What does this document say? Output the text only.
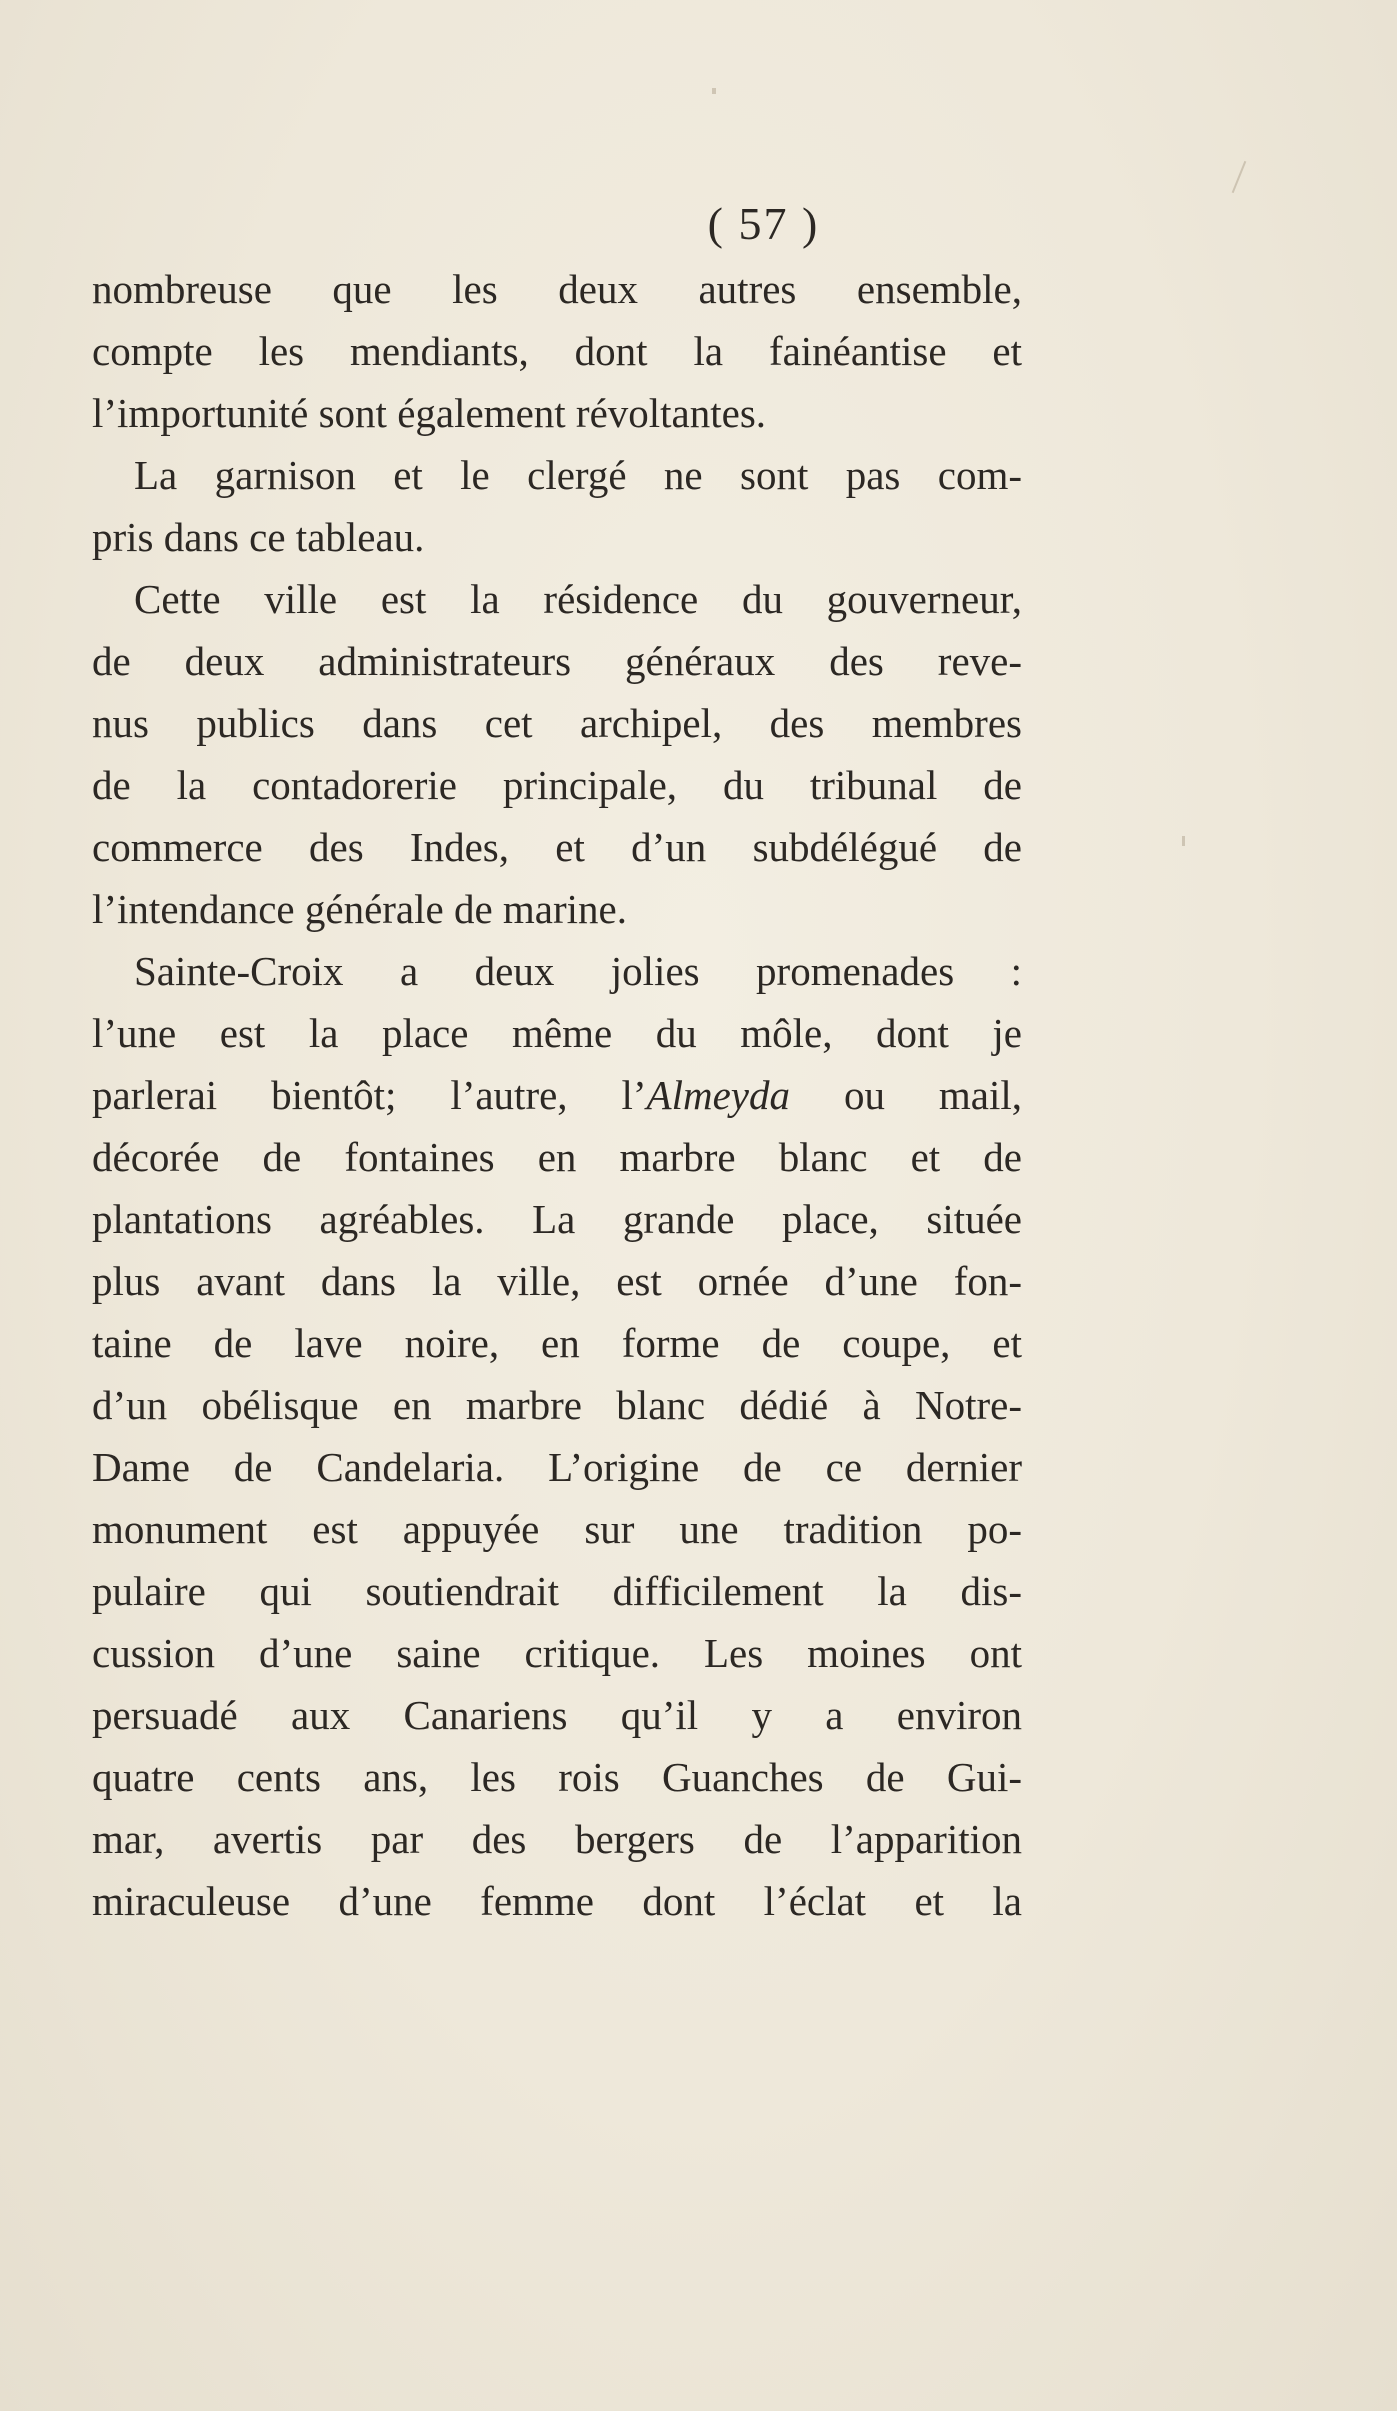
( 57 )
nombreuse que les deux autres ensemble,
compte les mendiants, dont la fainéantise et
l’importunité sont également révoltantes.
La garnison et le clergé ne sont pas com-
pris dans ce tableau.
Cette ville est la résidence du gouverneur,
de deux administrateurs généraux des reve-
nus publics dans cet archipel, des membres
de la contadorerie principale, du tribunal de
commerce des Indes, et d’un subdélégué de
l’intendance générale de marine.
Sainte-Croix a deux jolies promenades :
l’une est la place même du môle, dont je
parlerai bientôt; l’autre, l’Almeyda ou mail,
décorée de fontaines en marbre blanc et de
plantations agréables. La grande place, située
plus avant dans la ville, est ornée d’une fon-
taine de lave noire, en forme de coupe, et
d’un obélisque en marbre blanc dédié à Notre-
Dame de Candelaria. L’origine de ce dernier
monument est appuyée sur une tradition po-
pulaire qui soutiendrait difficilement la dis-
cussion d’une saine critique. Les moines ont
persuadé aux Canariens qu’il y a environ
quatre cents ans, les rois Guanches de Gui-
mar, avertis par des bergers de l’apparition
miraculeuse d’une femme dont l’éclat et la
